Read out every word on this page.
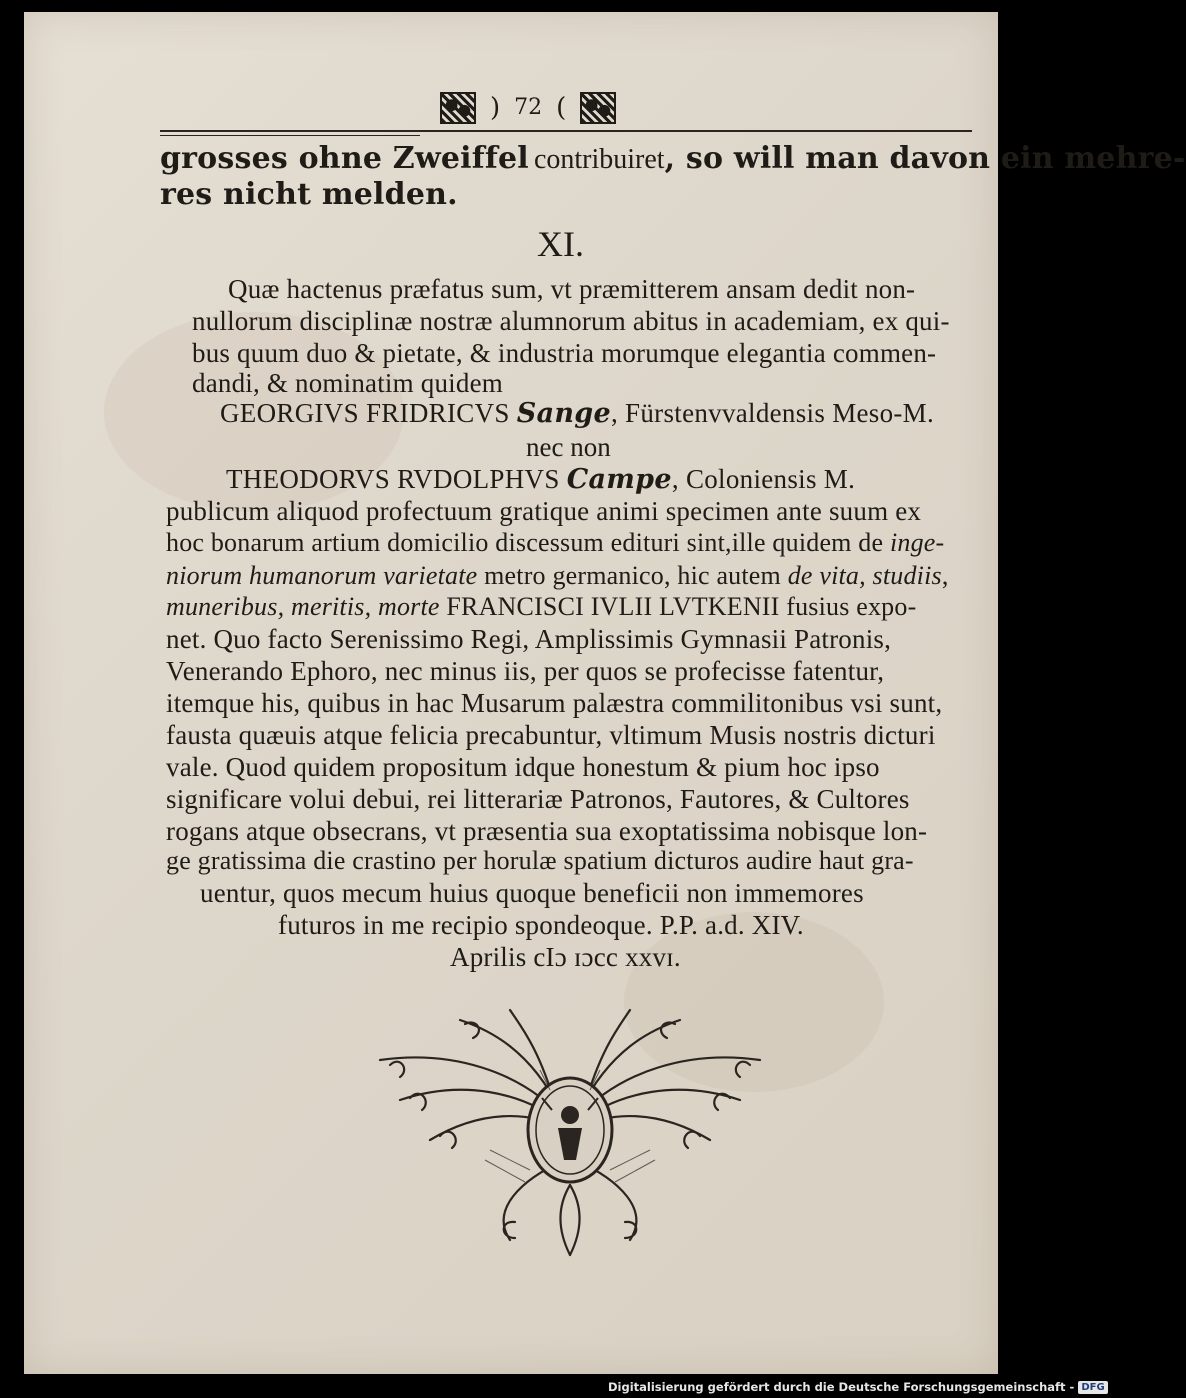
) 72 (
grosses ohne Zweiffel contribuiret, so will man davon ein mehre-
res nicht melden.
XI.
Quæ hactenus præfatus sum, vt præmitterem ansam dedit non-
nullorum disciplinæ nostræ alumnorum abitus in academiam, ex qui-
bus quum duo & pietate, & industria morumque elegantia commen-
dandi, & nominatim quidem
GEORGIVS FRIDRICVS Sange, Fürstenvvaldensis Meso-M.
nec non
THEODORVS RVDOLPHVS Campe, Coloniensis M.
publicum aliquod profectuum gratique animi specimen ante suum ex
hoc bonarum artium domicilio discessum edituri sint,ille quidem de inge-
niorum humanorum varietate metro germanico, hic autem de vita, studiis,
muneribus, meritis, morte FRANCISCI IVLII LVTKENII fusius expo-
net. Quo facto Serenissimo Regi, Amplissimis Gymnasii Patronis,
Venerando Ephoro, nec minus iis, per quos se profecisse fatentur,
itemque his, quibus in hac Musarum palæstra commilitonibus vsi sunt,
fausta quæuis atque felicia precabuntur, vltimum Musis nostris dicturi
vale. Quod quidem propositum idque honestum & pium hoc ipso
significare volui debui, rei litterariæ Patronos, Fautores, & Cultores
rogans atque obsecrans, vt præsentia sua exoptatissima nobisque lon-
ge gratissima die crastino per horulæ spatium dicturos audire haut gra-
uentur, quos mecum huius quoque beneficii non immemores
futuros in me recipio spondeoque. P.P. a.d. XIV.
Aprilis cIɔ ɪɔcc xxvɪ.
Digitalisierung gefördert durch die Deutsche Forschungsgemeinschaft - DFG
